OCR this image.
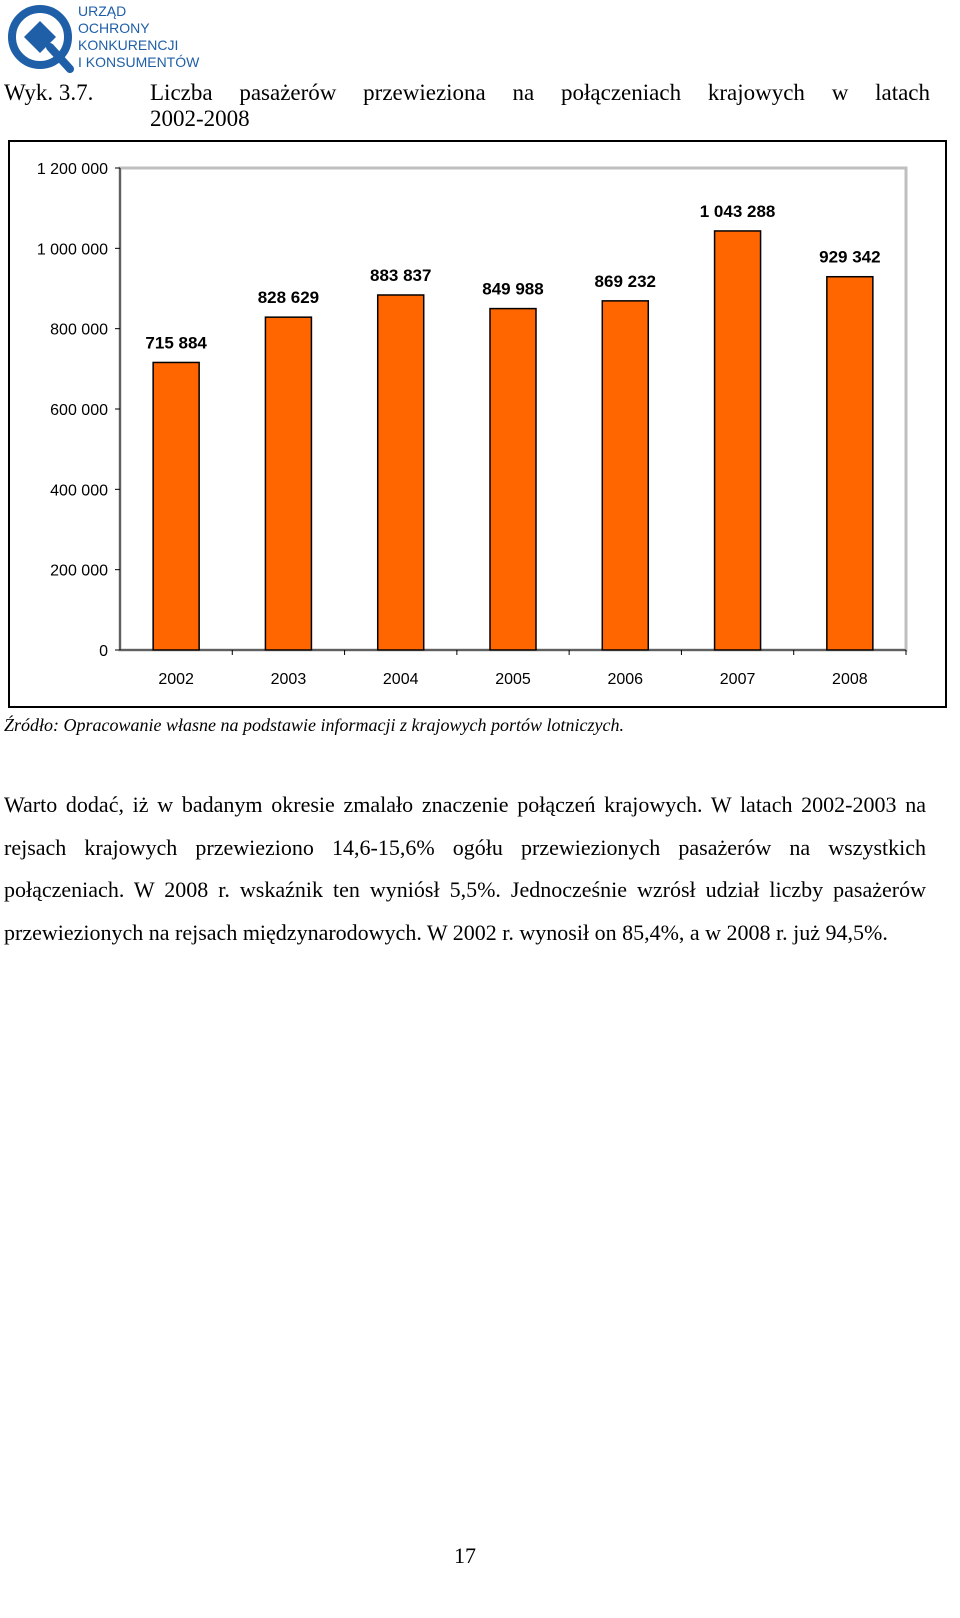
URZĄD
OCHRONY
KONKURENCJI
I KONSUMENTÓW
Wyk. 3.7. Liczba pasażerów przewieziona na połączeniach krajowych w latach
2002-2008
0
200 000
400 000
600 000
800 000
1 000 000
1 200 000
715 884
2002
828 629
2003
883 837
2004
849 988
2005
869 232
2006
1 043 288
2007
929 342
2008
Źródło: Opracowanie własne na podstawie informacji z krajowych portów lotniczych.
Warto dodać, iż w badanym okresie zmalało znaczenie połączeń krajowych. W latach 2002-2003 na rejsach krajowych przewieziono 14,6-15,6% ogółu przewiezionych pasażerów na wszystkich połączeniach. W 2008 r. wskaźnik ten wyniósł 5,5%. Jednocześnie wzrósł udział liczby pasażerów przewiezionych na rejsach międzynarodowych. W 2002 r. wynosił on 85,4%, a w 2008 r. już 94,5%.
17
